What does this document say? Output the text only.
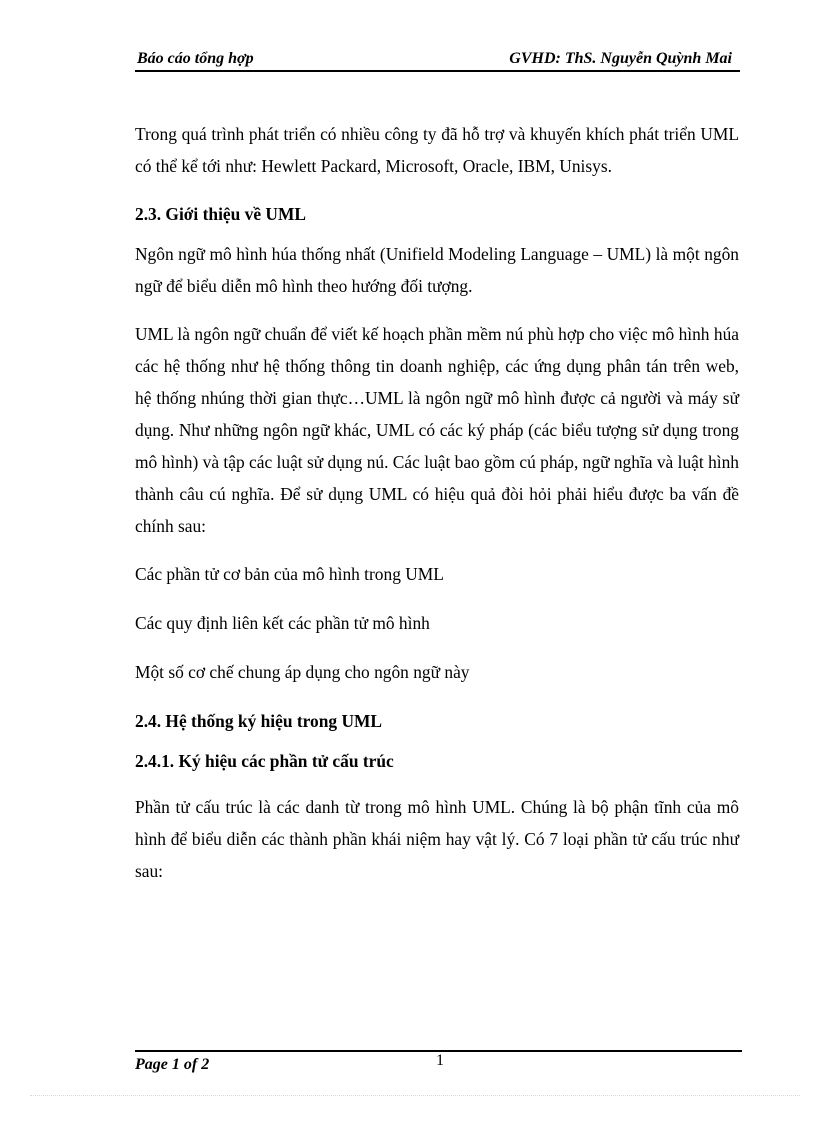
Báo cáo tổng hợp	GVHD: ThS. Nguyễn Quỳnh Mai

Trong quá trình phát triển có nhiều công ty đã hỗ trợ và khuyến khích phát triển UML có thể kể tới như: Hewlett Packard, Microsoft, Oracle, IBM, Unisys.

2.3. Giới thiệu về UML

Ngôn ngữ mô hình húa thống nhất (Unifield Modeling Language – UML) là một ngôn ngữ để biểu diễn mô hình theo hướng đối tượng.

UML là ngôn ngữ chuẩn để viết kế hoạch phần mềm nú phù hợp cho việc mô hình húa các hệ thống như hệ thống thông tin doanh nghiệp, các ứng dụng phân tán trên web, hệ thống nhúng thời gian thực…UML là ngôn ngữ mô hình được cả người và máy sử dụng. Như những ngôn ngữ khác, UML có các ký pháp (các biểu tượng sử dụng trong mô hình) và tập các luật sử dụng nú. Các luật bao gồm cú pháp, ngữ nghĩa và luật hình thành câu cú nghĩa. Để sử dụng UML có hiệu quả đòi hỏi phải hiểu được ba vấn đề chính sau:

Các phần tử cơ bản của mô hình trong UML

Các quy định liên kết các phần tử mô hình

Một số cơ chế chung áp dụng cho ngôn ngữ này

2.4. Hệ thống ký hiệu trong UML
2.4.1. Ký hiệu các phần tử cấu trúc

Phần tử cấu trúc là các danh từ trong mô hình UML. Chúng là bộ phận tĩnh của mô hình để biểu diễn các thành phần khái niệm hay vật lý. Có 7 loại phần tử cấu trúc như sau:

Page 1 of 2	1
